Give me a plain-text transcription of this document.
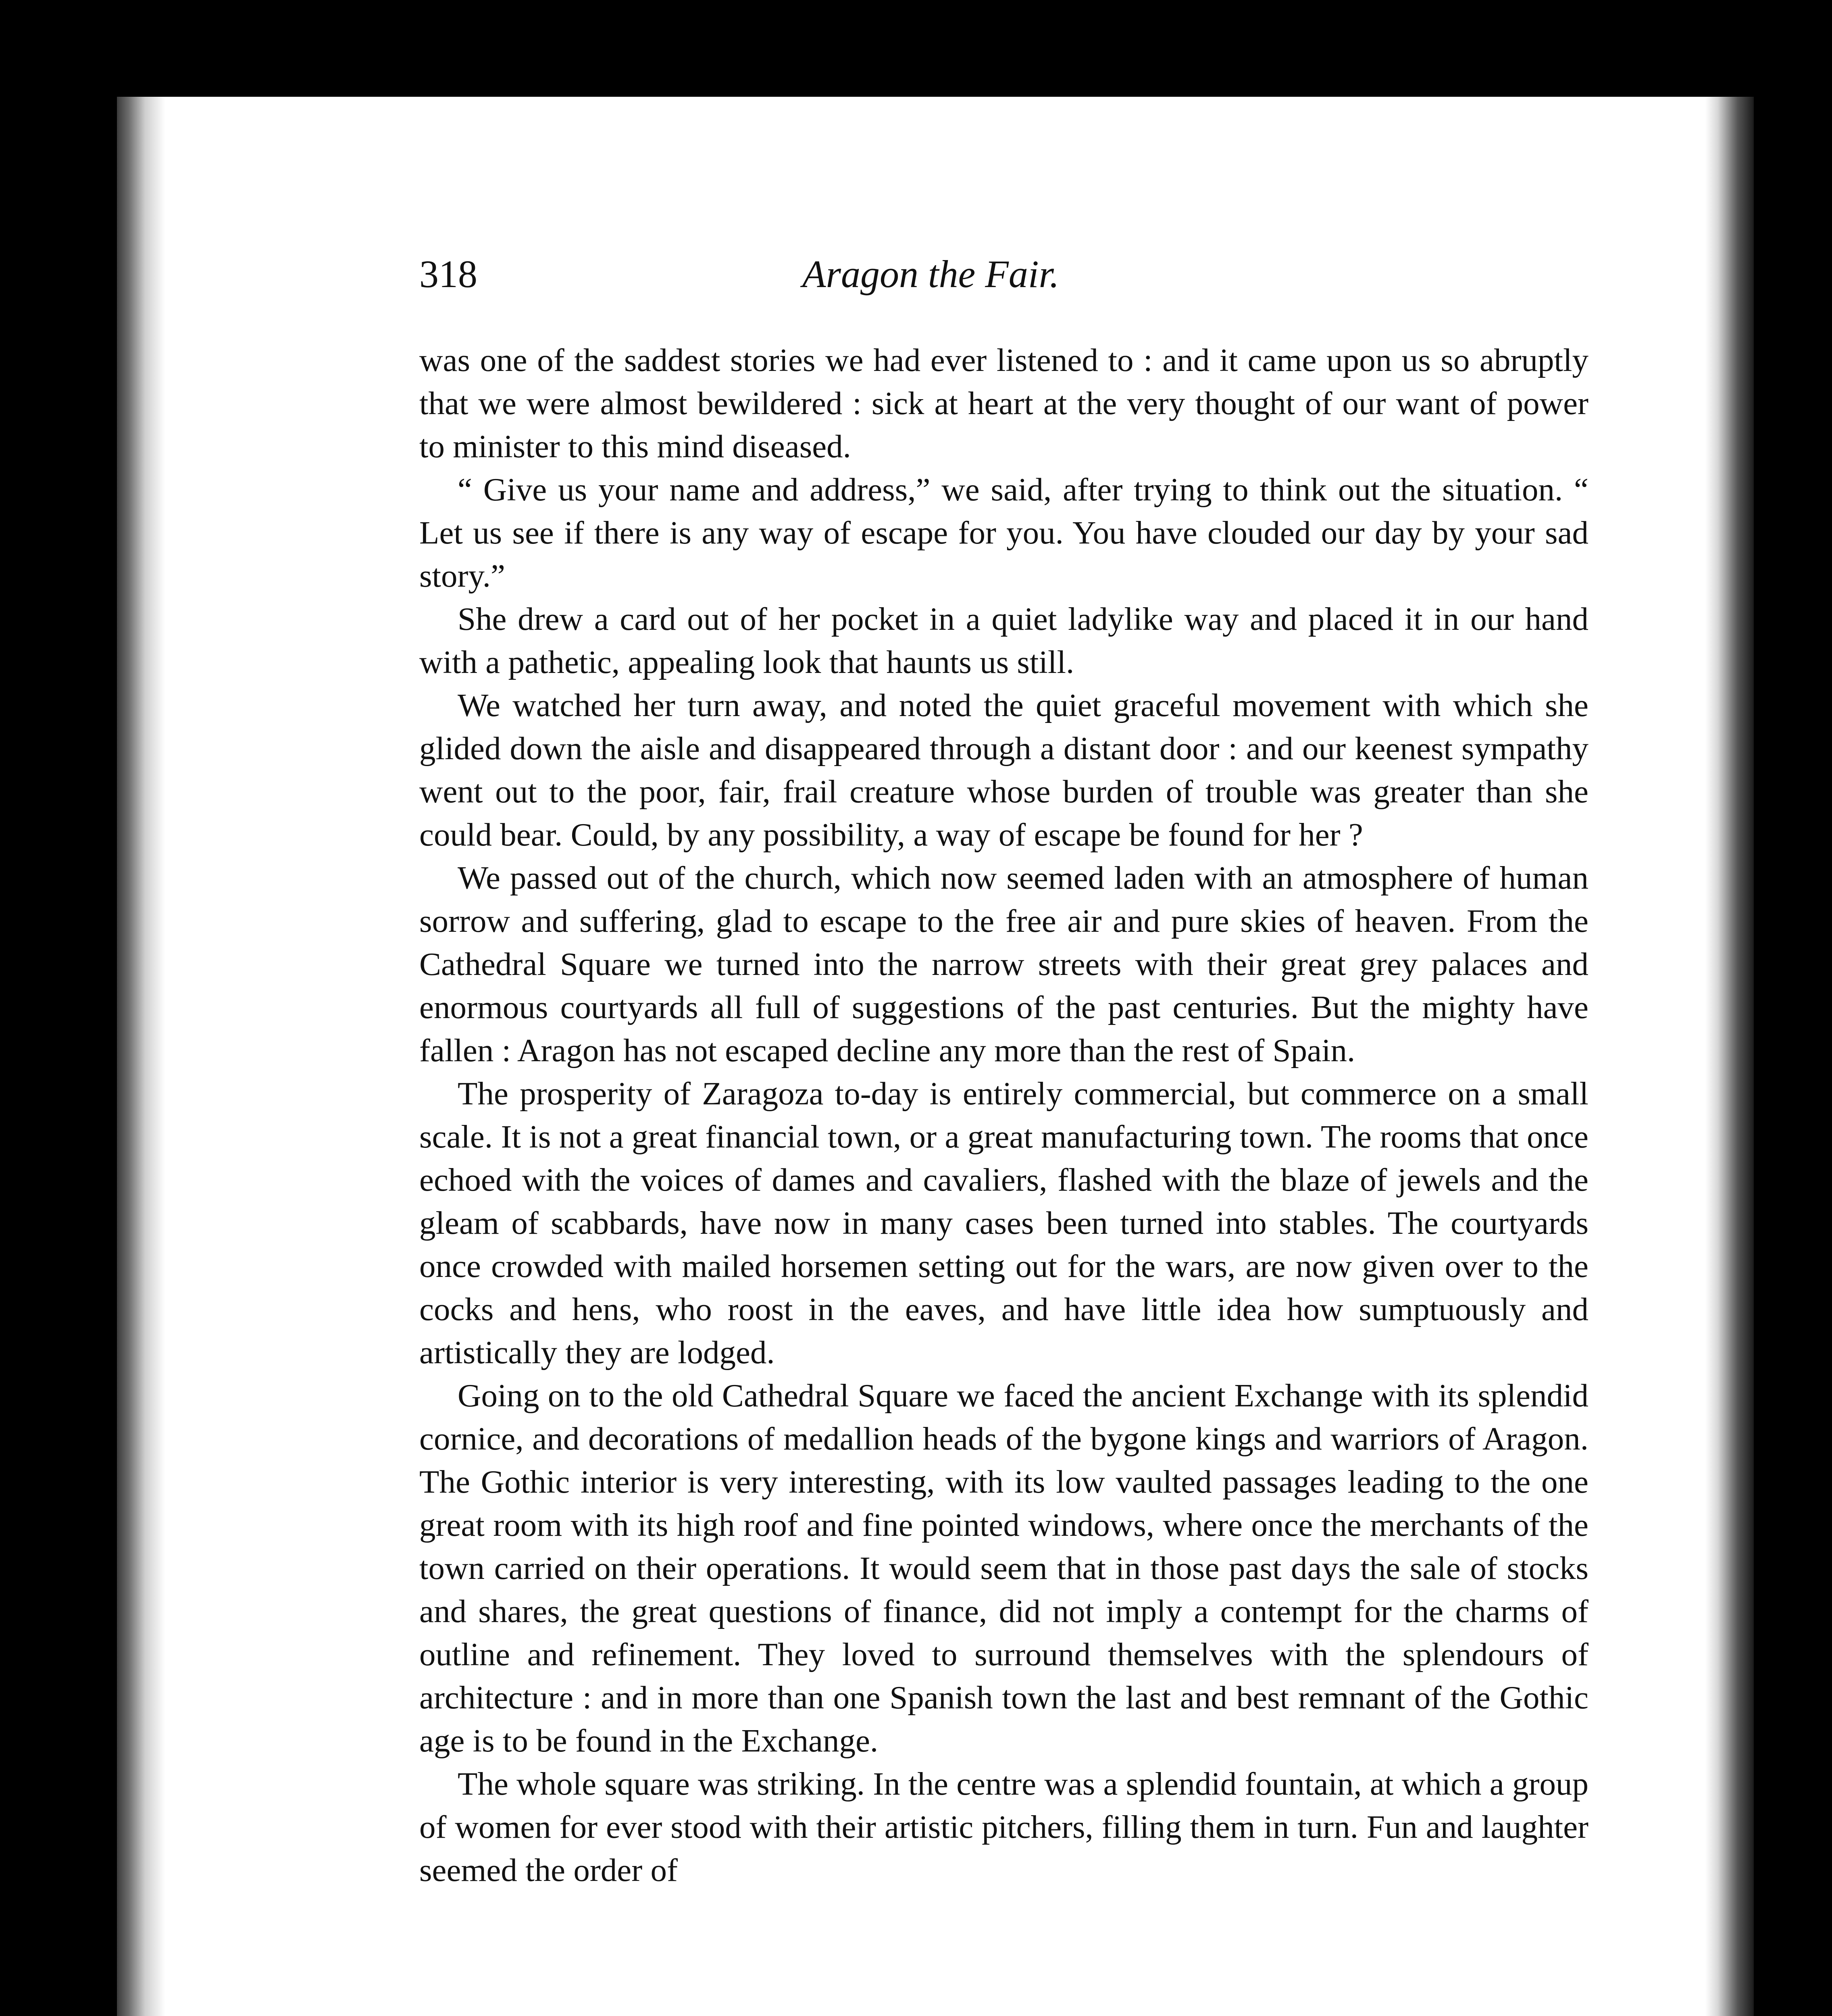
318	Aragon the Fair.

was one of the saddest stories we had ever listened to : and it came upon us so abruptly that we were almost bewildered : sick at heart at the very thought of our want of power to minister to this mind diseased.

“ Give us your name and address,” we said, after trying to think out the situation. “ Let us see if there is any way of escape for you. You have clouded our day by your sad story.”

She drew a card out of her pocket in a quiet ladylike way and placed it in our hand with a pathetic, appealing look that haunts us still.

We watched her turn away, and noted the quiet graceful movement with which she glided down the aisle and disappeared through a distant door : and our keenest sympathy went out to the poor, fair, frail creature whose burden of trouble was greater than she could bear. Could, by any possibility, a way of escape be found for her ?

We passed out of the church, which now seemed laden with an atmosphere of human sorrow and suffering, glad to escape to the free air and pure skies of heaven. From the Cathedral Square we turned into the narrow streets with their great grey palaces and enormous courtyards all full of suggestions of the past centuries. But the mighty have fallen : Aragon has not escaped decline any more than the rest of Spain.

The prosperity of Zaragoza to-day is entirely commercial, but commerce on a small scale. It is not a great financial town, or a great manufacturing town. The rooms that once echoed with the voices of dames and cavaliers, flashed with the blaze of jewels and the gleam of scabbards, have now in many cases been turned into stables. The courtyards once crowded with mailed horsemen setting out for the wars, are now given over to the cocks and hens, who roost in the eaves, and have little idea how sumptuously and artistically they are lodged.

Going on to the old Cathedral Square we faced the ancient Exchange with its splendid cornice, and decorations of medallion heads of the bygone kings and warriors of Aragon. The Gothic interior is very interesting, with its low vaulted passages leading to the one great room with its high roof and fine pointed windows, where once the merchants of the town carried on their operations. It would seem that in those past days the sale of stocks and shares, the great questions of finance, did not imply a contempt for the charms of outline and refinement. They loved to surround themselves with the splendours of architecture : and in more than one Spanish town the last and best remnant of the Gothic age is to be found in the Exchange.

The whole square was striking. In the centre was a splendid fountain, at which a group of women for ever stood with their artistic pitchers, filling them in turn. Fun and laughter seemed the order of
